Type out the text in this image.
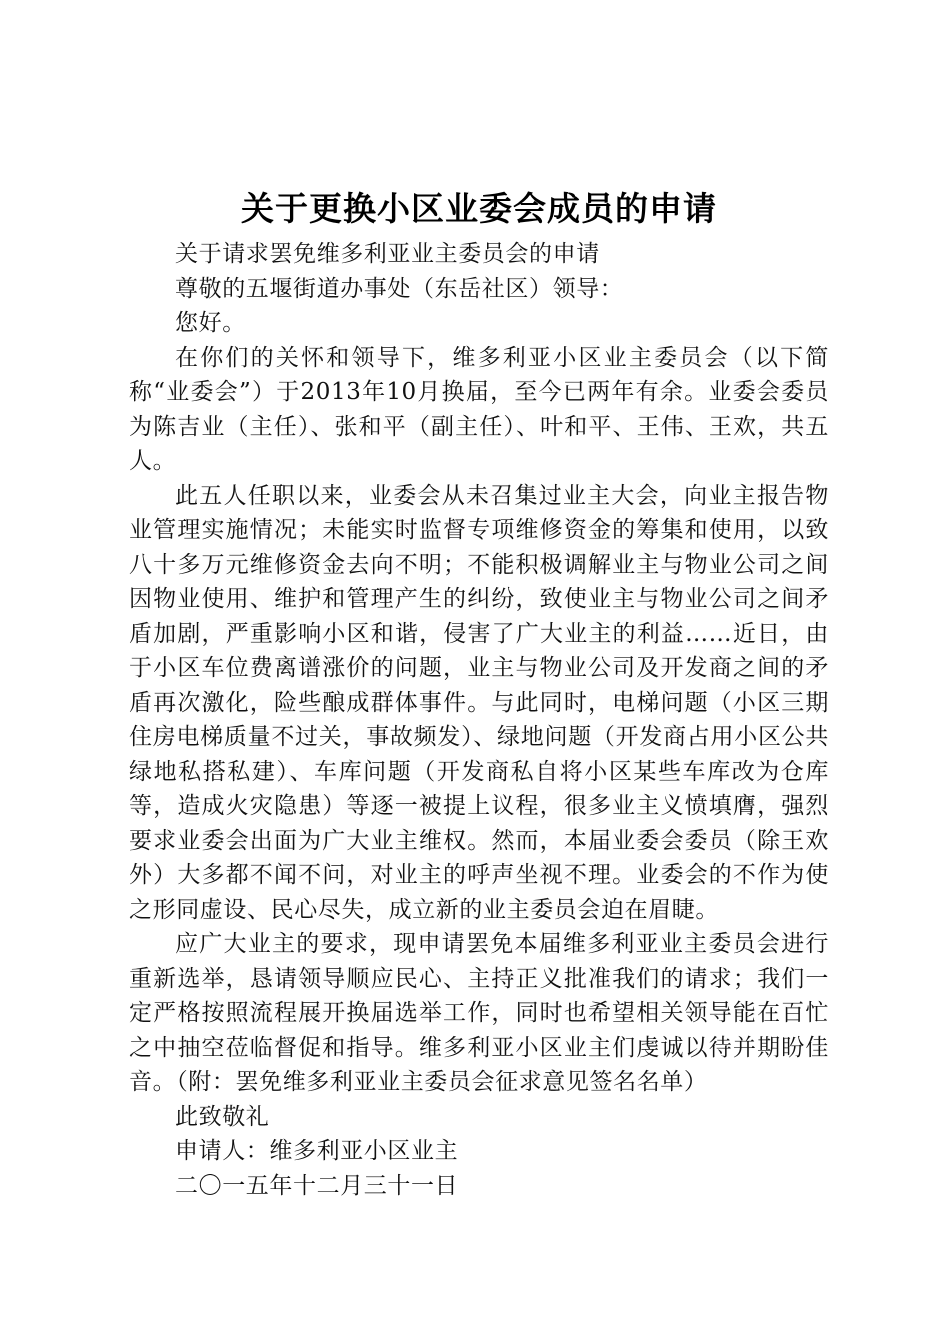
关于更换小区业委会成员的申请

关于请求罢免维多利亚业主委员会的申请

尊敬的五堰街道办事处（东岳社区）领导：

您好。

在你们的关怀和领导下，维多利亚小区业主委员会（以下简称“业委会”）于2013年10月换届，至今已两年有余。业委会委员为陈吉业（主任）、张和平（副主任）、叶和平、王伟、王欢，共五人。

此五人任职以来，业委会从未召集过业主大会，向业主报告物业管理实施情况；未能实时监督专项维修资金的筹集和使用，以致八十多万元维修资金去向不明；不能积极调解业主与物业公司之间因物业使用、维护和管理产生的纠纷，致使业主与物业公司之间矛盾加剧，严重影响小区和谐，侵害了广大业主的利益……近日，由于小区车位费离谱涨价的问题，业主与物业公司及开发商之间的矛盾再次激化，险些酿成群体事件。与此同时，电梯问题（小区三期住房电梯质量不过关，事故频发）、绿地问题（开发商占用小区公共绿地私搭私建）、车库问题（开发商私自将小区某些车库改为仓库等，造成火灾隐患）等逐一被提上议程，很多业主义愤填膺，强烈要求业委会出面为广大业主维权。然而，本届业委会委员（除王欢外）大多都不闻不问，对业主的呼声坐视不理。业委会的不作为使之形同虚设、民心尽失，成立新的业主委员会迫在眉睫。

应广大业主的要求，现申请罢免本届维多利亚业主委员会进行重新选举，恳请领导顺应民心、主持正义批准我们的请求；我们一定严格按照流程展开换届选举工作，同时也希望相关领导能在百忙之中抽空莅临督促和指导。维多利亚小区业主们虔诚以待并期盼佳音。（附：罢免维多利亚业主委员会征求意见签名名单）

此致敬礼

申请人：维多利亚小区业主

二〇一五年十二月三十一日
